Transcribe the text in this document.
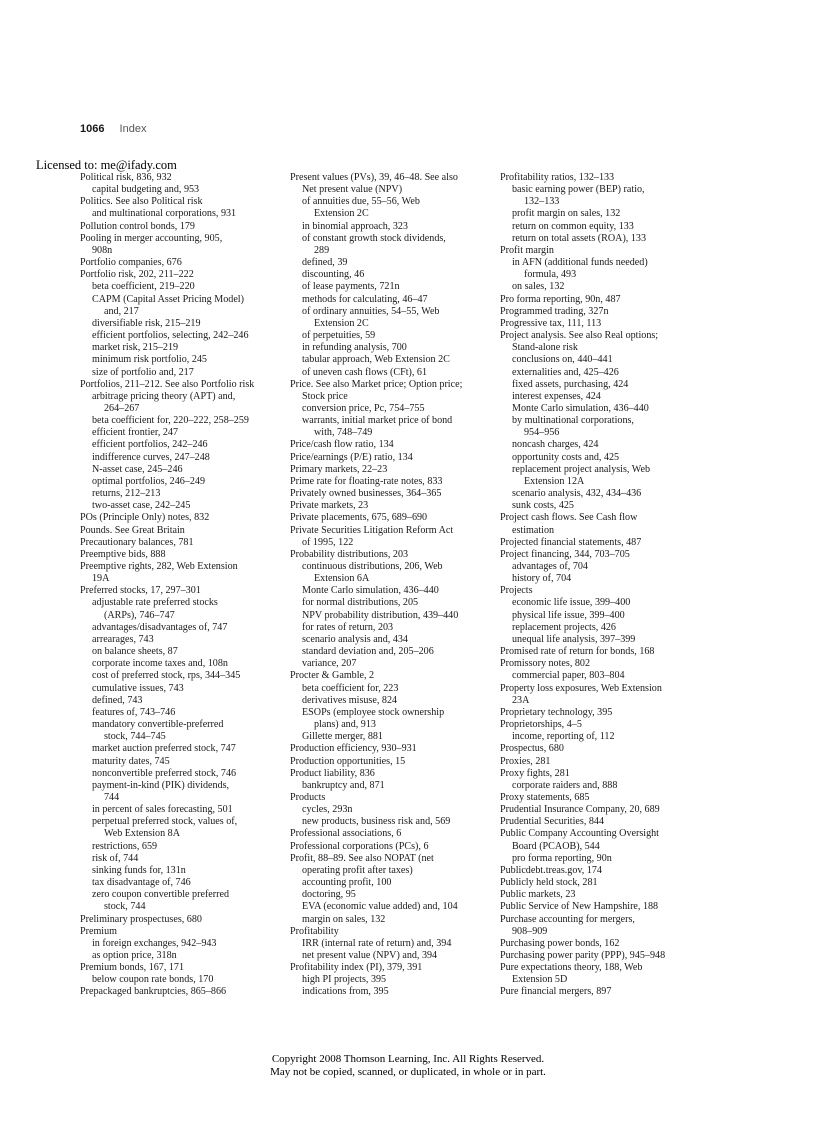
1066 Index
Licensed to: me@ifady.com
Political risk, 836, 932
capital budgeting and, 953
Politics. See also Political risk
and multinational corporations, 931
Pollution control bonds, 179
Pooling in merger accounting, 905,
908n
Portfolio companies, 676
Portfolio risk, 202, 211–222
beta coefficient, 219–220
CAPM (Capital Asset Pricing Model)
and, 217
diversifiable risk, 215–219
efficient portfolios, selecting, 242–246
market risk, 215–219
minimum risk portfolio, 245
size of portfolio and, 217
Portfolios, 211–212. See also Portfolio risk
arbitrage pricing theory (APT) and,
264–267
beta coefficient for, 220–222, 258–259
efficient frontier, 247
efficient portfolios, 242–246
indifference curves, 247–248
N-asset case, 245–246
optimal portfolios, 246–249
returns, 212–213
two-asset case, 242–245
POs (Principle Only) notes, 832
Pounds. See Great Britain
Precautionary balances, 781
Preemptive bids, 888
Preemptive rights, 282, Web Extension
19A
Preferred stocks, 17, 297–301
adjustable rate preferred stocks
(ARPs), 746–747
advantages/disadvantages of, 747
arrearages, 743
on balance sheets, 87
corporate income taxes and, 108n
cost of preferred stock, rps, 344–345
cumulative issues, 743
defined, 743
features of, 743–746
mandatory convertible-preferred
stock, 744–745
market auction preferred stock, 747
maturity dates, 745
nonconvertible preferred stock, 746
payment-in-kind (PIK) dividends,
744
in percent of sales forecasting, 501
perpetual preferred stock, values of,
Web Extension 8A
restrictions, 659
risk of, 744
sinking funds for, 131n
tax disadvantage of, 746
zero coupon convertible preferred
stock, 744
Preliminary prospectuses, 680
Premium
in foreign exchanges, 942–943
as option price, 318n
Premium bonds, 167, 171
below coupon rate bonds, 170
Prepackaged bankruptcies, 865–866
Present values (PVs), 39, 46–48. See also
Net present value (NPV)
of annuities due, 55–56, Web
Extension 2C
in binomial approach, 323
of constant growth stock dividends,
289
defined, 39
discounting, 46
of lease payments, 721n
methods for calculating, 46–47
of ordinary annuities, 54–55, Web
Extension 2C
of perpetuities, 59
in refunding analysis, 700
tabular approach, Web Extension 2C
of uneven cash flows (CFt), 61
Price. See also Market price; Option price;
Stock price
conversion price, Pc, 754–755
warrants, initial market price of bond
with, 748–749
Price/cash flow ratio, 134
Price/earnings (P/E) ratio, 134
Primary markets, 22–23
Prime rate for floating-rate notes, 833
Privately owned businesses, 364–365
Private markets, 23
Private placements, 675, 689–690
Private Securities Litigation Reform Act
of 1995, 122
Probability distributions, 203
continuous distributions, 206, Web
Extension 6A
Monte Carlo simulation, 436–440
for normal distributions, 205
NPV probability distribution, 439–440
for rates of return, 203
scenario analysis and, 434
standard deviation and, 205–206
variance, 207
Procter & Gamble, 2
beta coefficient for, 223
derivatives misuse, 824
ESOPs (employee stock ownership
plans) and, 913
Gillette merger, 881
Production efficiency, 930–931
Production opportunities, 15
Product liability, 836
bankruptcy and, 871
Products
cycles, 293n
new products, business risk and, 569
Professional associations, 6
Professional corporations (PCs), 6
Profit, 88–89. See also NOPAT (net
operating profit after taxes)
accounting profit, 100
doctoring, 95
EVA (economic value added) and, 104
margin on sales, 132
Profitability
IRR (internal rate of return) and, 394
net present value (NPV) and, 394
Profitability index (PI), 379, 391
high PI projects, 395
indications from, 395
Profitability ratios, 132–133
basic earning power (BEP) ratio,
132–133
profit margin on sales, 132
return on common equity, 133
return on total assets (ROA), 133
Profit margin
in AFN (additional funds needed)
formula, 493
on sales, 132
Pro forma reporting, 90n, 487
Programmed trading, 327n
Progressive tax, 111, 113
Project analysis. See also Real options;
Stand-alone risk
conclusions on, 440–441
externalities and, 425–426
fixed assets, purchasing, 424
interest expenses, 424
Monte Carlo simulation, 436–440
by multinational corporations,
954–956
noncash charges, 424
opportunity costs and, 425
replacement project analysis, Web
Extension 12A
scenario analysis, 432, 434–436
sunk costs, 425
Project cash flows. See Cash flow
estimation
Projected financial statements, 487
Project financing, 344, 703–705
advantages of, 704
history of, 704
Projects
economic life issue, 399–400
physical life issue, 399–400
replacement projects, 426
unequal life analysis, 397–399
Promised rate of return for bonds, 168
Promissory notes, 802
commercial paper, 803–804
Property loss exposures, Web Extension
23A
Proprietary technology, 395
Proprietorships, 4–5
income, reporting of, 112
Prospectus, 680
Proxies, 281
Proxy fights, 281
corporate raiders and, 888
Proxy statements, 685
Prudential Insurance Company, 20, 689
Prudential Securities, 844
Public Company Accounting Oversight
Board (PCAOB), 544
pro forma reporting, 90n
Publicdebt.treas.gov, 174
Publicly held stock, 281
Public markets, 23
Public Service of New Hampshire, 188
Purchase accounting for mergers,
908–909
Purchasing power bonds, 162
Purchasing power parity (PPP), 945–948
Pure expectations theory, 188, Web
Extension 5D
Pure financial mergers, 897
Copyright 2008 Thomson Learning, Inc. All Rights Reserved.
May not be copied, scanned, or duplicated, in whole or in part.
